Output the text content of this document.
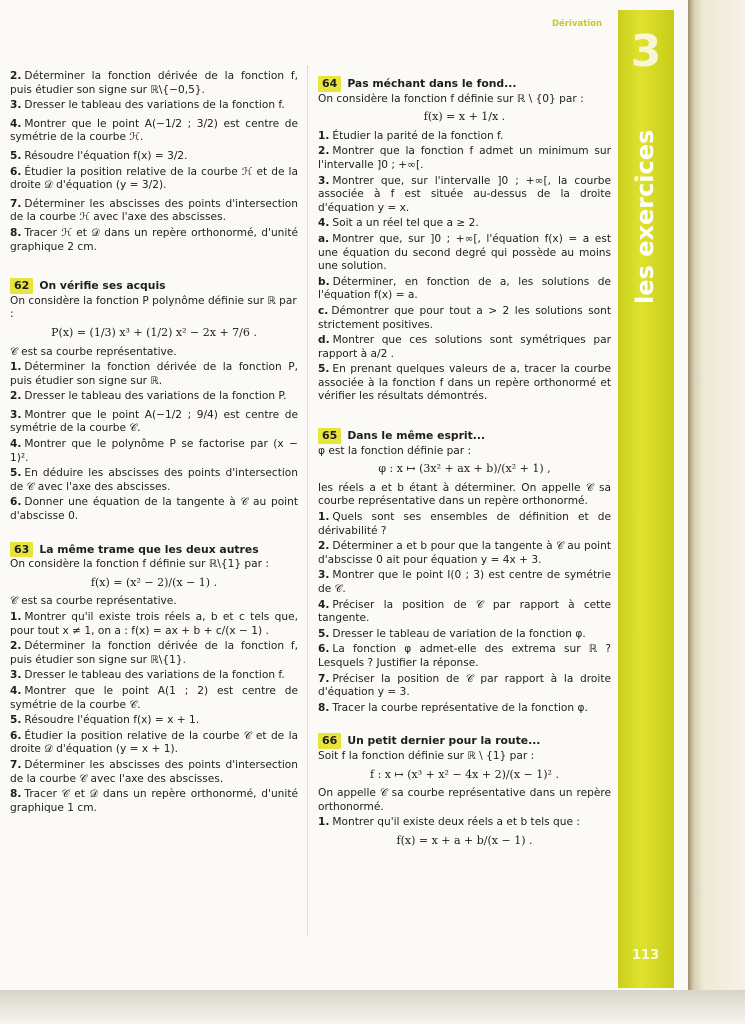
3
les exercices
Dérivation
113
2. Déterminer la fonction dérivée de la fonction f, puis étudier son signe sur ℝ\{−0,5}.
3. Dresser le tableau des variations de la fonction f.
4. Montrer que le point A(−1/2 ; 3/2) est centre de symétrie de la courbe ℋ.
5. Résoudre l'équation f(x) = 3/2.
6. Étudier la position relative de la courbe ℋ et de la droite 𝒟 d'équation (y = 3/2).
7. Déterminer les abscisses des points d'intersection de la courbe ℋ avec l'axe des abscisses.
8. Tracer ℋ et 𝒟 dans un repère orthonormé, d'unité graphique 2 cm.
62 On vérifie ses acquis
On considère la fonction P polynôme définie sur ℝ par :
P(x) = (1/3) x³ + (1/2) x² − 2x + 7/6 .
𝒞 est sa courbe représentative.
1. Déterminer la fonction dérivée de la fonction P, puis étudier son signe sur ℝ.
2. Dresser le tableau des variations de la fonction P.
3. Montrer que le point A(−1/2 ; 9/4) est centre de symétrie de la courbe 𝒞.
4. Montrer que le polynôme P se factorise par (x − 1)².
5. En déduire les abscisses des points d'intersection de 𝒞 avec l'axe des abscisses.
6. Donner une équation de la tangente à 𝒞 au point d'abscisse 0.
63 La même trame que les deux autres
On considère la fonction f définie sur ℝ\{1} par :
f(x) = (x² − 2)/(x − 1) .
𝒞 est sa courbe représentative.
1. Montrer qu'il existe trois réels a, b et c tels que, pour tout x ≠ 1, on a : f(x) = ax + b + c/(x − 1) .
2. Déterminer la fonction dérivée de la fonction f, puis étudier son signe sur ℝ\{1}.
3. Dresser le tableau des variations de la fonction f.
4. Montrer que le point A(1 ; 2) est centre de symétrie de la courbe 𝒞.
5. Résoudre l'équation f(x) = x + 1.
6. Étudier la position relative de la courbe 𝒞 et de la droite 𝒟 d'équation (y = x + 1).
7. Déterminer les abscisses des points d'intersection de la courbe 𝒞 avec l'axe des abscisses.
8. Tracer 𝒞 et 𝒟 dans un repère orthonormé, d'unité graphique 1 cm.
64 Pas méchant dans le fond...
On considère la fonction f définie sur ℝ \ {0} par :
f(x) = x + 1/x .
1. Étudier la parité de la fonction f.
2. Montrer que la fonction f admet un minimum sur l'intervalle ]0 ; +∞[.
3. Montrer que, sur l'intervalle ]0 ; +∞[, la courbe associée à f est située au-dessus de la droite d'équation y = x.
4. Soit a un réel tel que a ≥ 2.
a. Montrer que, sur ]0 ; +∞[, l'équation f(x) = a est une équation du second degré qui possède au moins une solution.
b. Déterminer, en fonction de a, les solutions de l'équation f(x) = a.
c. Démontrer que pour tout a > 2 les solutions sont strictement positives.
d. Montrer que ces solutions sont symétriques par rapport à a/2 .
5. En prenant quelques valeurs de a, tracer la courbe associée à la fonction f dans un repère orthonormé et vérifier les résultats démontrés.
65 Dans le même esprit...
φ est la fonction définie par :
φ : x ↦ (3x² + ax + b)/(x² + 1) ,
les réels a et b étant à déterminer. On appelle 𝒞 sa courbe représentative dans un repère orthonormé.
1. Quels sont ses ensembles de définition et de dérivabilité ?
2. Déterminer a et b pour que la tangente à 𝒞 au point d'abscisse 0 ait pour équation y = 4x + 3.
3. Montrer que le point I(0 ; 3) est centre de symétrie de 𝒞.
4. Préciser la position de 𝒞 par rapport à cette tangente.
5. Dresser le tableau de variation de la fonction φ.
6. La fonction φ admet-elle des extrema sur ℝ ? Lesquels ? Justifier la réponse.
7. Préciser la position de 𝒞 par rapport à la droite d'équation y = 3.
8. Tracer la courbe représentative de la fonction φ.
66 Un petit dernier pour la route...
Soit f la fonction définie sur ℝ \ {1} par :
f : x ↦ (x³ + x² − 4x + 2)/(x − 1)² .
On appelle 𝒞 sa courbe représentative dans un repère orthonormé.
1. Montrer qu'il existe deux réels a et b tels que :
f(x) = x + a + b/(x − 1) .
